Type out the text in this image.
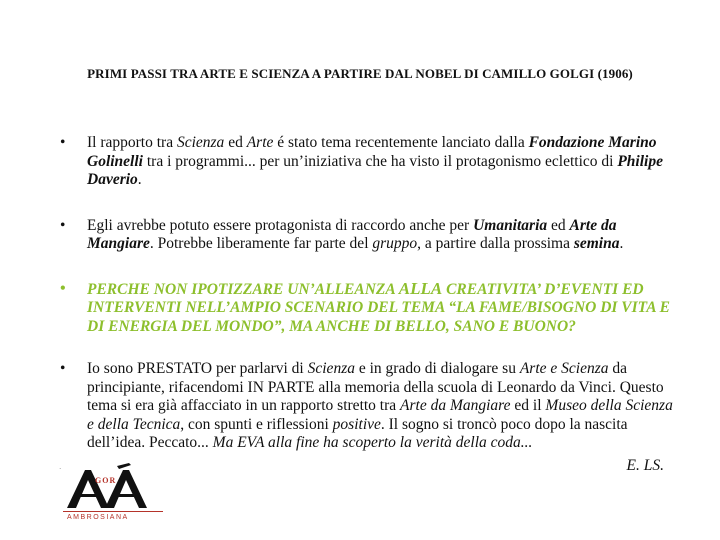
PRIMI PASSI TRA ARTE E SCIENZA A PARTIRE DAL NOBEL DI CAMILLO GOLGI (1906)
• Il rapporto tra Scienza ed Arte é stato tema recentemente lanciato dalla Fondazione Marino Golinelli tra i programmi... per un’iniziativa che ha visto il protagonismo eclettico di Philipe Daverio.
• Egli avrebbe potuto essere protagonista di raccordo anche per Umanitaria ed Arte da Mangiare. Potrebbe liberamente far parte del gruppo, a partire dalla prossima semina.
• PERCHE NON IPOTIZZARE UN’ALLEANZA ALLA CREATIVITA’ D’EVENTI ED INTERVENTI NELL’AMPIO SCENARIO DEL TEMA “LA FAME/BISOGNO DI VITA E DI ENERGIA DEL MONDO”, MA ANCHE DI BELLO, SANO E BUONO?
• Io sono PRESTATO per parlarvi di Scienza e in grado di dialogare su Arte e Scienza da principiante, rifacendomi IN PARTE alla memoria della scuola di Leonardo da Vinci. Questo tema si era già affacciato in un rapporto stretto tra Arte da Mangiare ed il Museo della Scienza e della Tecnica, con spunti e riflessioni positive. Il sogno si troncò poco dopo la nascita dell’idea. Peccato... Ma EVA alla fine ha scoperto la verità della coda...
E. LS.
·
GOR
AMBROSIANA
